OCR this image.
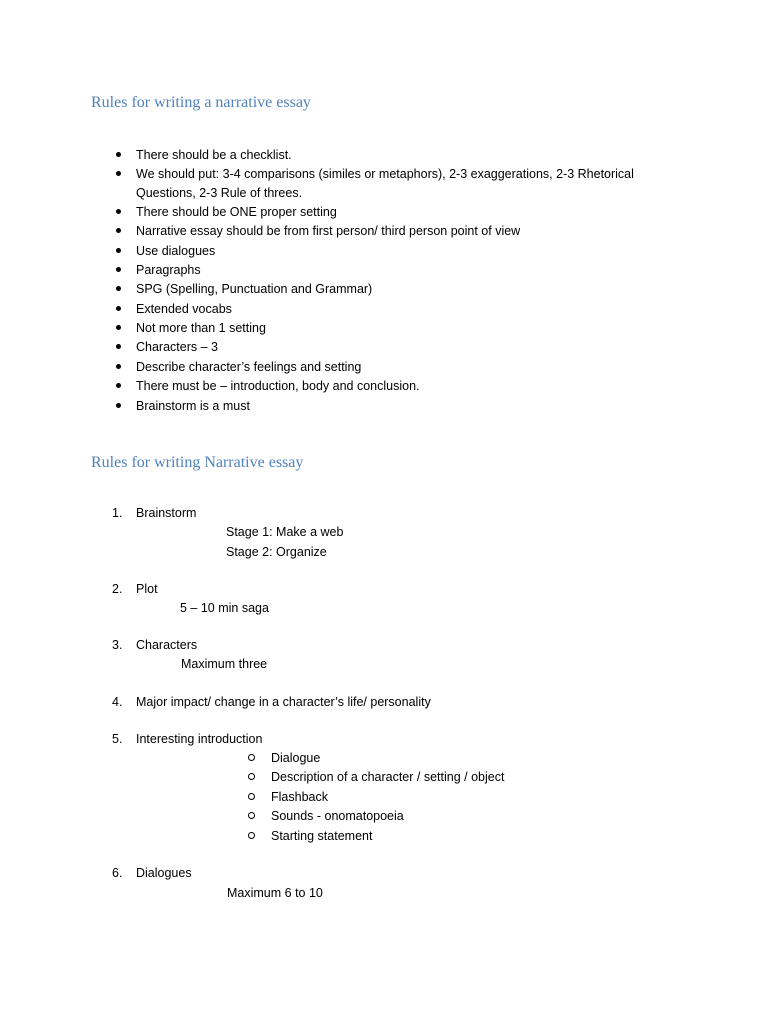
Rules for writing a narrative essay
There should be a checklist.
We should put: 3-4 comparisons (similes or metaphors), 2-3 exaggerations, 2-3 Rhetorical
Questions, 2-3 Rule of threes.
There should be ONE proper setting
Narrative essay should be from first person/ third person point of view
Use dialogues
Paragraphs
SPG (Spelling, Punctuation and Grammar)
Extended vocabs
Not more than 1 setting
Characters – 3
Describe character’s feelings and setting
There must be – introduction, body and conclusion.
Brainstorm is a must
Rules for writing Narrative essay
1. Brainstorm
Stage 1: Make a web
Stage 2: Organize
2. Plot
5 – 10 min saga
3. Characters
Maximum three
4. Major impact/ change in a character’s life/ personality
5. Interesting introduction
Dialogue
Description of a character / setting / object
Flashback
Sounds - onomatopoeia
Starting statement
6. Dialogues
Maximum 6 to 10
